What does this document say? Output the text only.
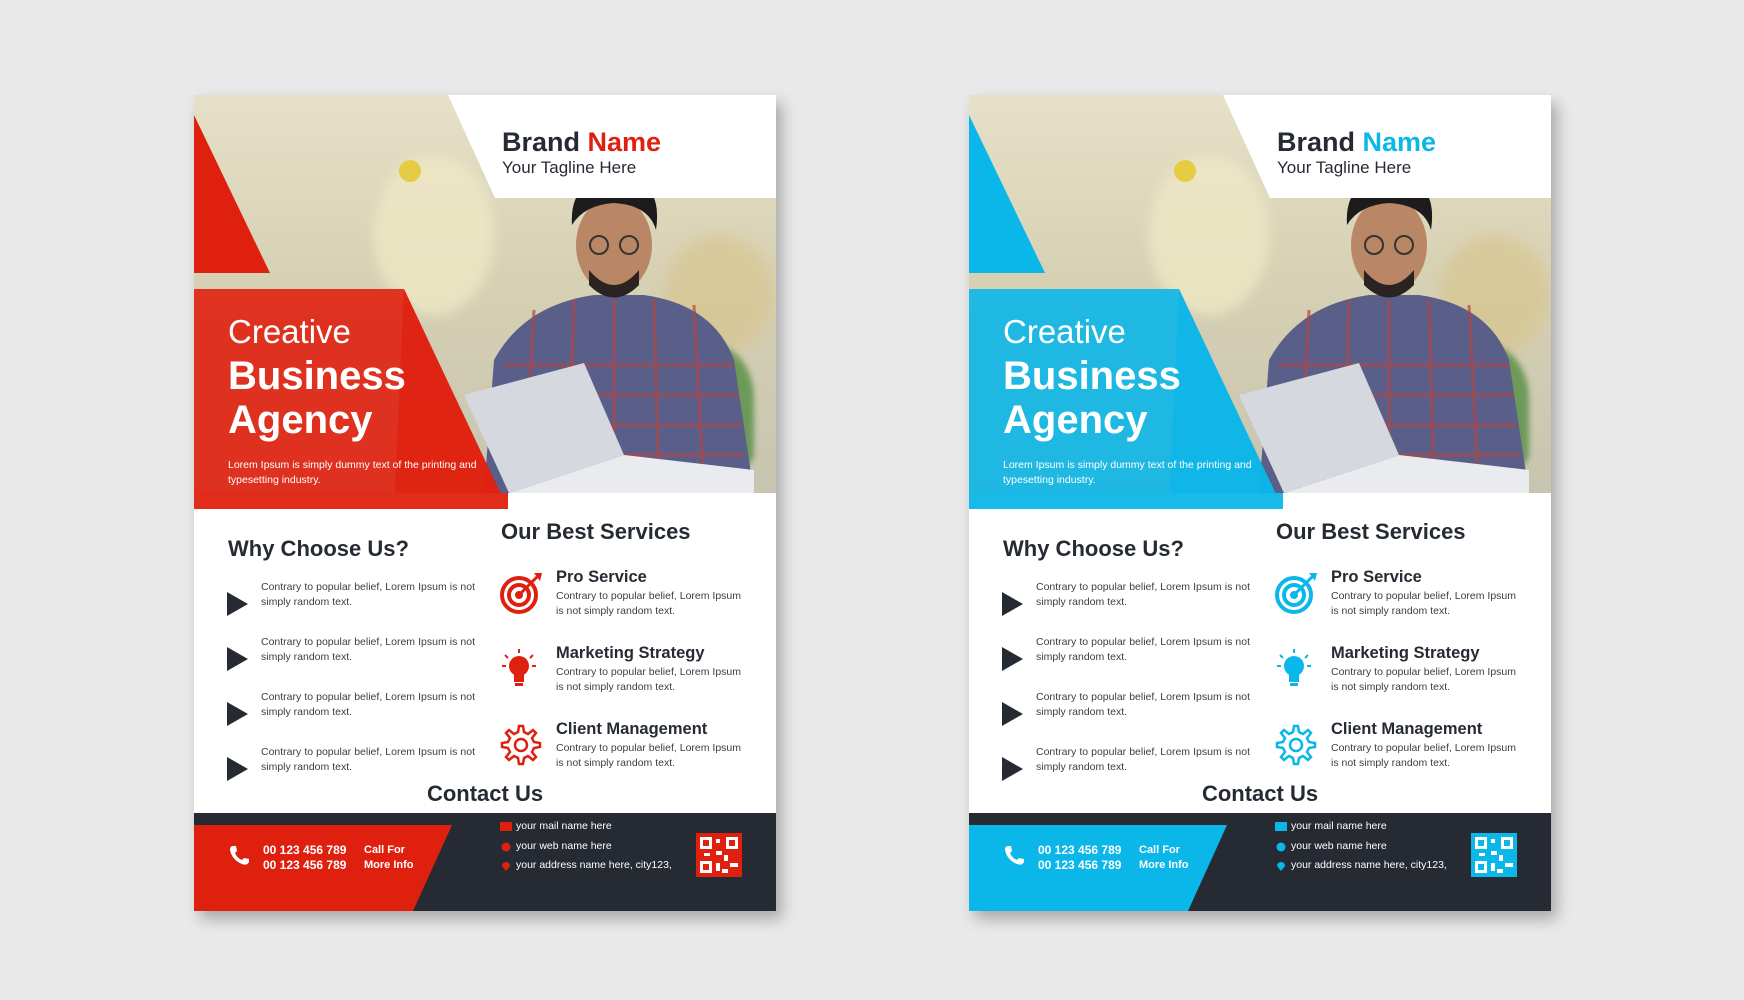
Brand Name
Your Tagline Here
Creative
Business
Agency
Lorem Ipsum is simply dummy text of the printing and typesetting industry.
Why Choose Us?
Contrary to popular belief, Lorem Ipsum is not simply random text.
Contrary to popular belief, Lorem Ipsum is not simply random text.
Contrary to popular belief, Lorem Ipsum is not simply random text.
Contrary to popular belief, Lorem Ipsum is not simply random text.
Our Best Services
Pro Service
Contrary to popular belief, Lorem Ipsum is not simply random text.
Marketing Strategy
Contrary to popular belief, Lorem Ipsum is not simply random text.
Client Management
Contrary to popular belief, Lorem Ipsum is not simply random text.
Contact Us
00 123 456 789
00 123 456 789
Call For
More Info
your mail name here
your web name here
your address name here, city123,
Brand Name
Your Tagline Here
Creative
Business
Agency
Lorem Ipsum is simply dummy text of the printing and typesetting industry.
Why Choose Us?
Contrary to popular belief, Lorem Ipsum is not simply random text.
Contrary to popular belief, Lorem Ipsum is not simply random text.
Contrary to popular belief, Lorem Ipsum is not simply random text.
Contrary to popular belief, Lorem Ipsum is not simply random text.
Our Best Services
Pro Service
Contrary to popular belief, Lorem Ipsum is not simply random text.
Marketing Strategy
Contrary to popular belief, Lorem Ipsum is not simply random text.
Client Management
Contrary to popular belief, Lorem Ipsum is not simply random text.
Contact Us
00 123 456 789
00 123 456 789
Call For
More Info
your mail name here
your web name here
your address name here, city123,
